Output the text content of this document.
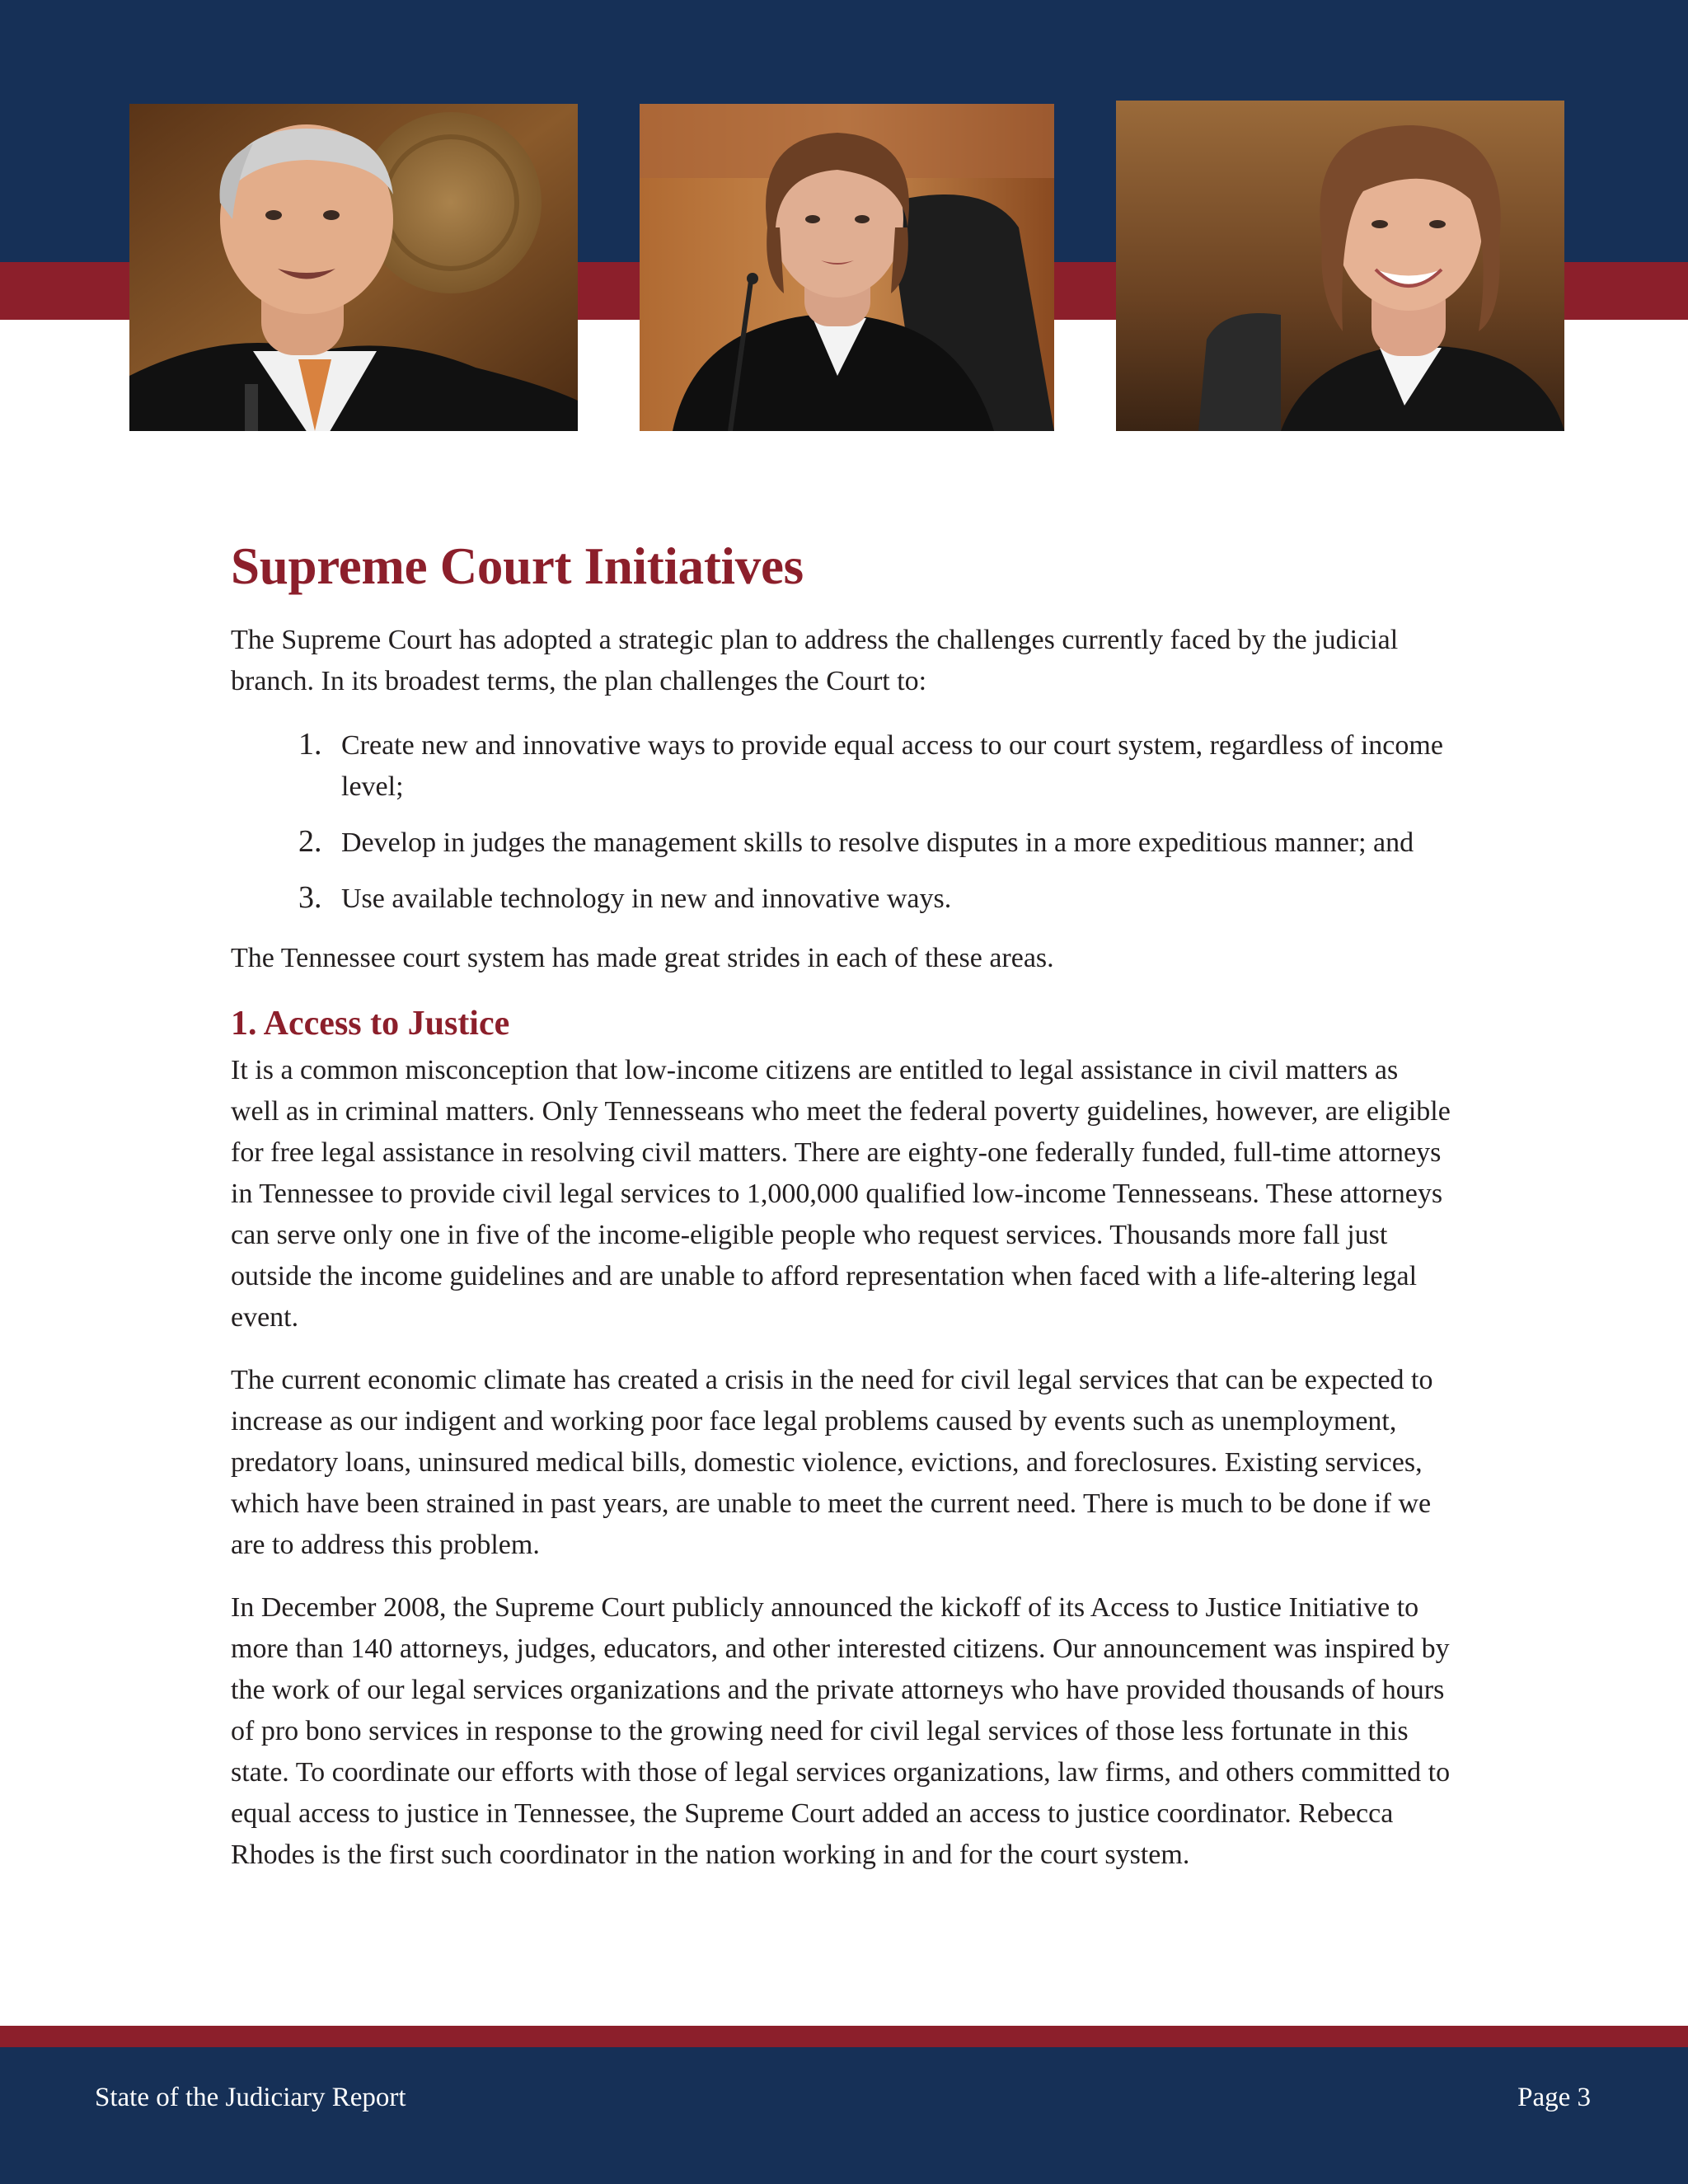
Supreme Court Initiatives

The Supreme Court has adopted a strategic plan to address the challenges currently faced by the judicial branch. In its broadest terms, the plan challenges the Court to:

1. Create new and innovative ways to provide equal access to our court system, regardless of income level;
2. Develop in judges the management skills to resolve disputes in a more expeditious manner; and
3. Use available technology in new and innovative ways.

The Tennessee court system has made great strides in each of these areas.

1. Access to Justice

It is a common misconception that low-income citizens are entitled to legal assistance in civil matters as well as in criminal matters. Only Tennesseans who meet the federal poverty guidelines, however, are eligible for free legal assistance in resolving civil matters. There are eighty-one federally funded, full-time attorneys in Tennessee to provide civil legal services to 1,000,000 qualified low-income Tennesseans. These attorneys can serve only one in five of the income-eligible people who request services. Thousands more fall just outside the income guidelines and are unable to afford representation when faced with a life-altering legal event.

The current economic climate has created a crisis in the need for civil legal services that can be expected to increase as our indigent and working poor face legal problems caused by events such as unemployment, predatory loans, uninsured medical bills, domestic violence, evictions, and foreclosures. Existing services, which have been strained in past years, are unable to meet the current need. There is much to be done if we are to address this problem.

In December 2008, the Supreme Court publicly announced the kickoff of its Access to Justice Initiative to more than 140 attorneys, judges, educators, and other interested citizens. Our announcement was inspired by the work of our legal services organizations and the private attorneys who have provided thousands of hours of pro bono services in response to the growing need for civil legal services of those less fortunate in this state. To coordinate our efforts with those of legal services organizations, law firms, and others committed to equal access to justice in Tennessee, the Supreme Court added an access to justice coordinator. Rebecca Rhodes is the first such coordinator in the nation working in and for the court system.

State of the Judiciary Report	Page 3
